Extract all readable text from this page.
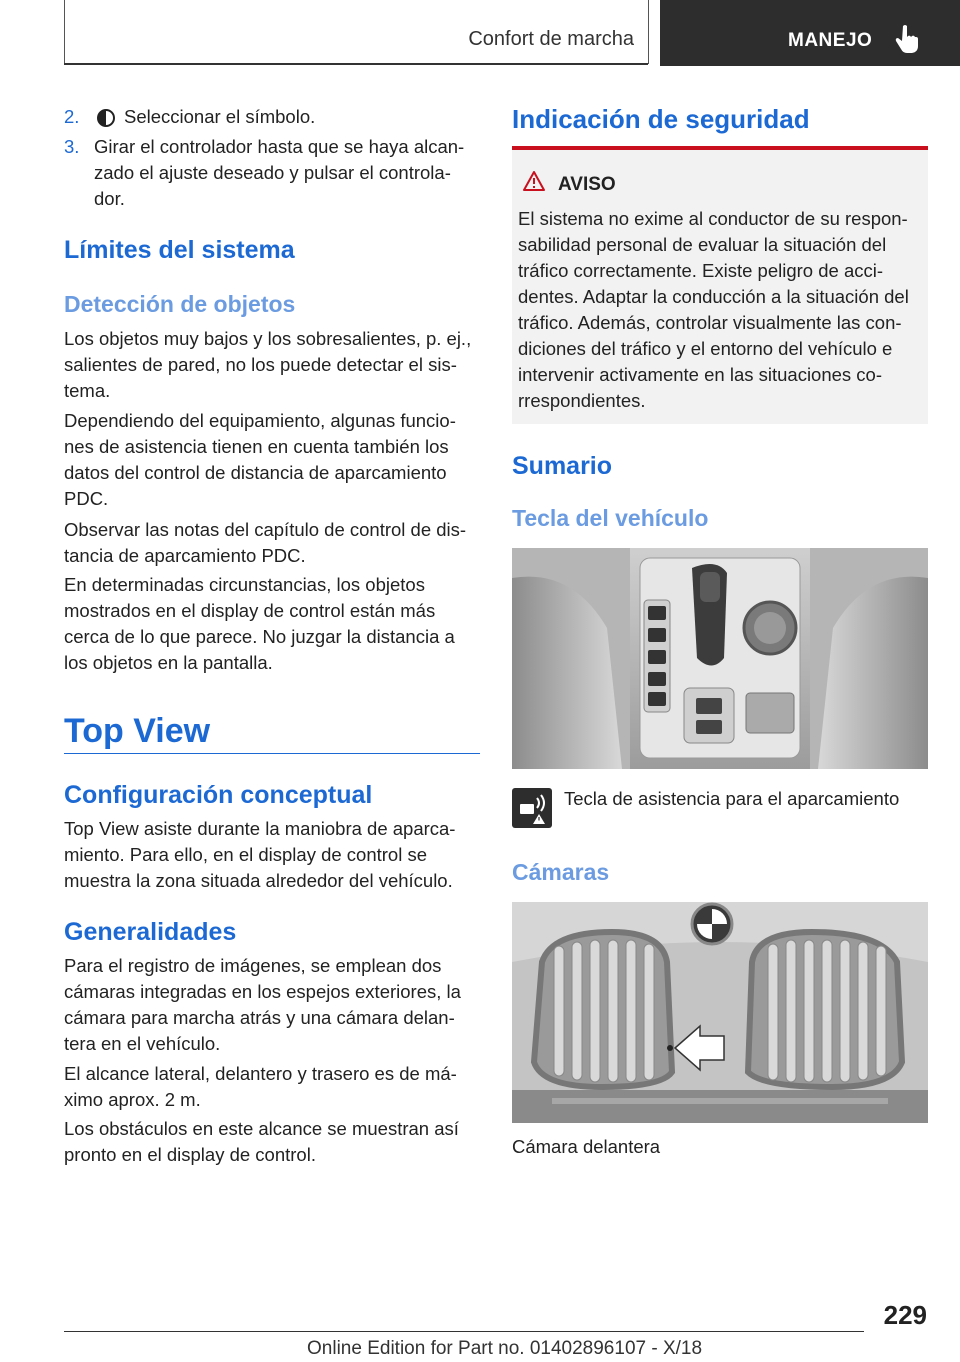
Confort de marcha	MANEJO
2. Seleccionar el símbolo.
3. Girar el controlador hasta que se haya alcan-
zado el ajuste deseado y pulsar el controla-
dor.
Límites del sistema
Detección de objetos
Los objetos muy bajos y los sobresalientes, p. ej., salientes de pared, no los puede detectar el sis-tema.
Dependiendo del equipamiento, algunas funcio-nes de asistencia tienen en cuenta también los datos del control de distancia de aparcamiento PDC.
Observar las notas del capítulo de control de dis-tancia de aparcamiento PDC.
En determinadas circunstancias, los objetos mostrados en el display de control están más cerca de lo que parece. No juzgar la distancia a los objetos en la pantalla.
Top View
Configuración conceptual
Top View asiste durante la maniobra de aparca-miento. Para ello, en el display de control se muestra la zona situada alrededor del vehículo.
Generalidades
Para el registro de imágenes, se emplean dos cámaras integradas en los espejos exteriores, la cámara para marcha atrás y una cámara delan-tera en el vehículo.
El alcance lateral, delantero y trasero es de má-ximo aprox. 2 m.
Los obstáculos en este alcance se muestran así pronto en el display de control.
Indicación de seguridad
AVISO
El sistema no exime al conductor de su respon-sabilidad personal de evaluar la situación del tráfico correctamente. Existe peligro de acci-dentes. Adaptar la conducción a la situación del tráfico. Además, controlar visualmente las con-diciones del tráfico y el entorno del vehículo e intervenir activamente en las situaciones co-rrespondientes.
Sumario
Tecla del vehículo
Tecla de asistencia para el aparcamiento
Cámaras
Cámara delantera
229
Online Edition for Part no. 01402896107 - X/18
